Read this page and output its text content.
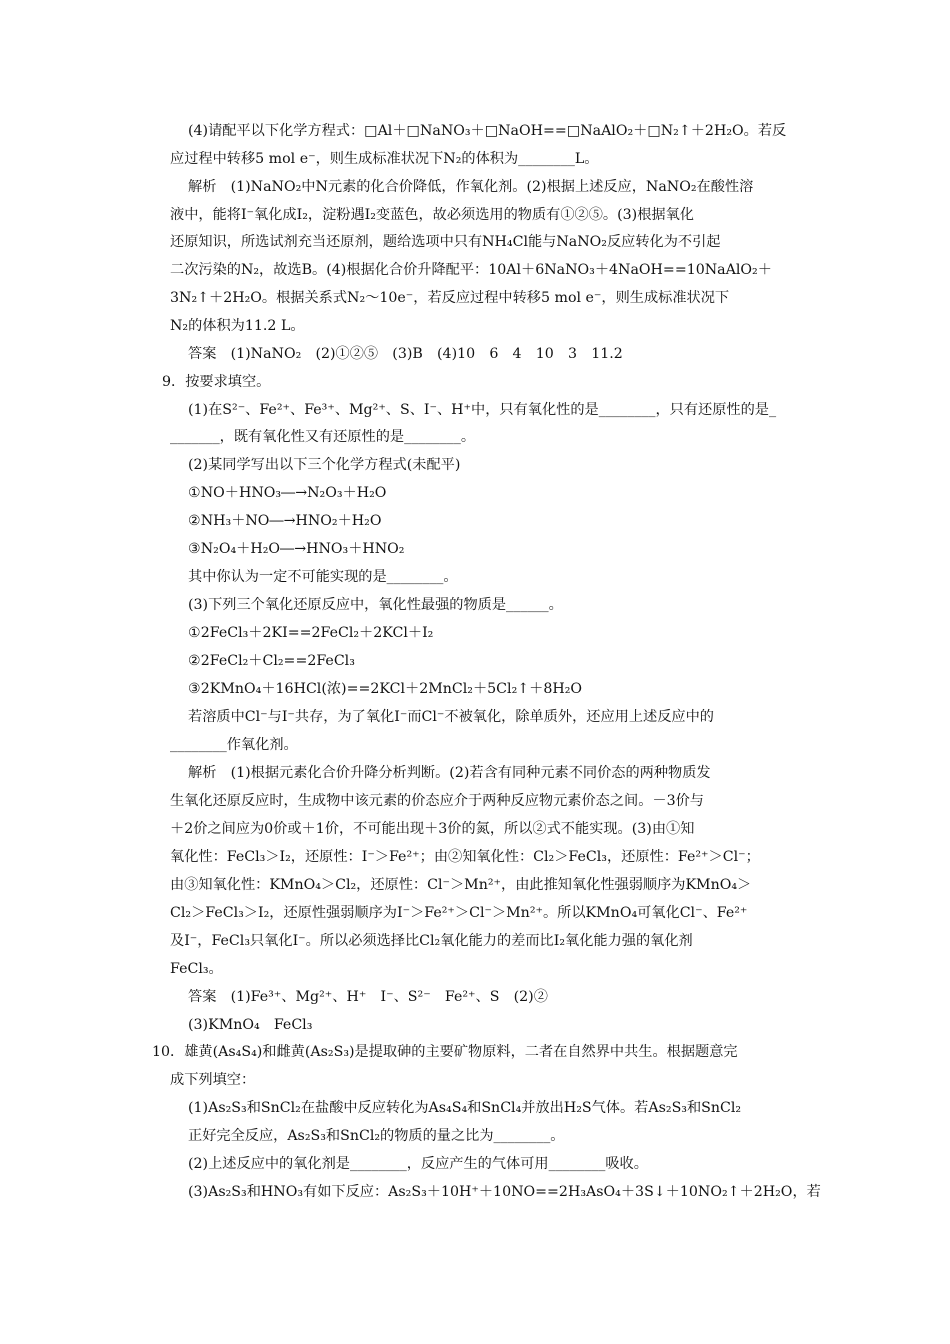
(4)请配平以下化学方程式：□Al＋□NaNO₃＋□NaOH==□NaAlO₂＋□N₂↑＋2H₂O。若反
应过程中转移5 mol e⁻，则生成标准状况下N₂的体积为________L。
解析　(1)NaNO₂中N元素的化合价降低，作氧化剂。(2)根据上述反应，NaNO₂在酸性溶
液中，能将I⁻氧化成I₂，淀粉遇I₂变蓝色，故必须选用的物质有①②⑤。(3)根据氧化
还原知识，所选试剂充当还原剂，题给选项中只有NH₄Cl能与NaNO₂反应转化为不引起
二次污染的N₂，故选B。(4)根据化合价升降配平：10Al＋6NaNO₃＋4NaOH==10NaAlO₂＋
3N₂↑＋2H₂O。根据关系式N₂～10e⁻，若反应过程中转移5 mol e⁻，则生成标准状况下
N₂的体积为11.2 L。
答案　(1)NaNO₂　(2)①②⑤　(3)B　(4)10　6　4　10　3　11.2
9．按要求填空。
(1)在S²⁻、Fe²⁺、Fe³⁺、Mg²⁺、S、I⁻、H⁺中，只有氧化性的是________，只有还原性的是_
_______，既有氧化性又有还原性的是________。
(2)某同学写出以下三个化学方程式(未配平)
①NO＋HNO₃―→N₂O₃＋H₂O
②NH₃＋NO―→HNO₂＋H₂O
③N₂O₄＋H₂O―→HNO₃＋HNO₂
其中你认为一定不可能实现的是________。
(3)下列三个氧化还原反应中，氧化性最强的物质是______。
①2FeCl₃＋2KI==2FeCl₂＋2KCl＋I₂
②2FeCl₂＋Cl₂==2FeCl₃
③2KMnO₄＋16HCl(浓)==2KCl＋2MnCl₂＋5Cl₂↑＋8H₂O
若溶质中Cl⁻与I⁻共存，为了氧化I⁻而Cl⁻不被氧化，除单质外，还应用上述反应中的
________作氧化剂。
解析　(1)根据元素化合价升降分析判断。(2)若含有同种元素不同价态的两种物质发
生氧化还原反应时，生成物中该元素的价态应介于两种反应物元素价态之间。－3价与
＋2价之间应为0价或＋1价，不可能出现＋3价的氮，所以②式不能实现。(3)由①知
氧化性：FeCl₃＞I₂，还原性：I⁻＞Fe²⁺；由②知氧化性：Cl₂＞FeCl₃，还原性：Fe²⁺＞Cl⁻；
由③知氧化性：KMnO₄＞Cl₂，还原性：Cl⁻＞Mn²⁺，由此推知氧化性强弱顺序为KMnO₄＞
Cl₂＞FeCl₃＞I₂，还原性强弱顺序为I⁻＞Fe²⁺＞Cl⁻＞Mn²⁺。所以KMnO₄可氧化Cl⁻、Fe²⁺
及I⁻，FeCl₃只氧化I⁻。所以必须选择比Cl₂氧化能力的差而比I₂氧化能力强的氧化剂
FeCl₃。
答案　(1)Fe³⁺、Mg²⁺、H⁺　I⁻、S²⁻　Fe²⁺、S　(2)②
(3)KMnO₄　FeCl₃
10．雄黄(As₄S₄)和雌黄(As₂S₃)是提取砷的主要矿物原料，二者在自然界中共生。根据题意完
成下列填空：
(1)As₂S₃和SnCl₂在盐酸中反应转化为As₄S₄和SnCl₄并放出H₂S气体。若As₂S₃和SnCl₂
正好完全反应，As₂S₃和SnCl₂的物质的量之比为________。
(2)上述反应中的氧化剂是________，反应产生的气体可用________吸收。
(3)As₂S₃和HNO₃有如下反应：As₂S₃＋10H⁺＋10NO==2H₃AsO₄＋3S↓＋10NO₂↑＋2H₂O，若
